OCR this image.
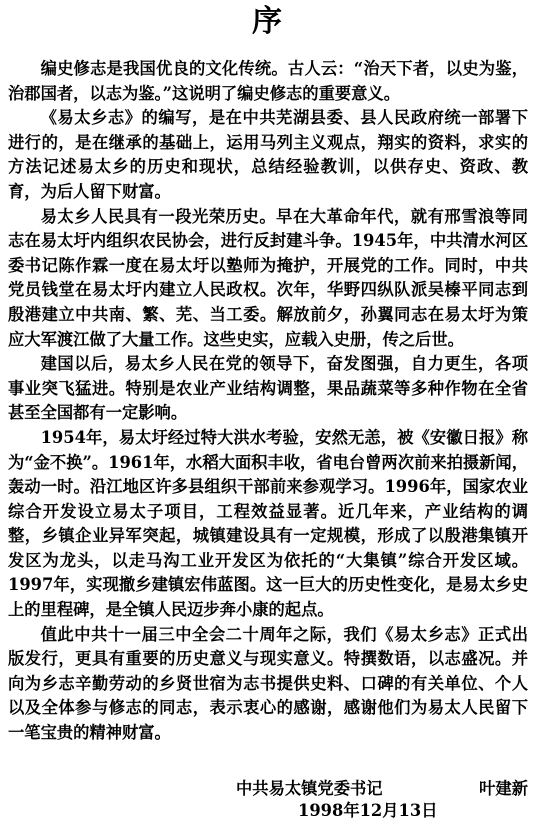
序

编史修志是我国优良的文化传统。古人云：“治天下者，以史为鉴，治郡国者，以志为鉴。”这说明了编史修志的重要意义。

《易太乡志》的编写，是在中共芜湖县委、县人民政府统一部署下进行的，是在继承的基础上，运用马列主义观点，翔实的资料，求实的方法记述易太乡的历史和现状，总结经验教训，以供存史、资政、教育，为后人留下财富。

易太乡人民具有一段光荣历史。早在大革命年代，就有邢雪浪等同志在易太圩内组织农民协会，进行反封建斗争。1945年，中共清水河区委书记陈作霖一度在易太圩以塾师为掩护，开展党的工作。同时，中共党员钱堂在易太圩内建立人民政权。次年，华野四纵队派吴榛平同志到殷港建立中共南、繁、芜、当工委。解放前夕，孙翼同志在易太圩为策应大军渡江做了大量工作。这些史实，应载入史册，传之后世。

建国以后，易太乡人民在党的领导下，奋发图强，自力更生，各项事业突飞猛进。特别是农业产业结构调整，果品蔬菜等多种作物在全省甚至全国都有一定影响。

1954年，易太圩经过特大洪水考验，安然无恙，被《安徽日报》称为“金不换”。1961年，水稻大面积丰收，省电台曾两次前来拍摄新闻，轰动一时。沿江地区许多县组织干部前来参观学习。1996年，国家农业综合开发设立易太子项目，工程效益显著。近几年来，产业结构的调整，乡镇企业异军突起，城镇建设具有一定规模，形成了以殷港集镇开发区为龙头，以走马沟工业开发区为依托的“大集镇”综合开发区域。1997年，实现撤乡建镇宏伟蓝图。这一巨大的历史性变化，是易太乡史上的里程碑，是全镇人民迈步奔小康的起点。

值此中共十一届三中全会二十周年之际，我们《易太乡志》正式出版发行，更具有重要的历史意义与现实意义。特撰数语，以志盛况。并向为乡志辛勤劳动的乡贤世宿为志书提供史料、口碑的有关单位、个人以及全体参与修志的同志，表示衷心的感谢，感谢他们为易太人民留下一笔宝贵的精神财富。

中共易太镇党委书记	叶建新
1998年12月13日
